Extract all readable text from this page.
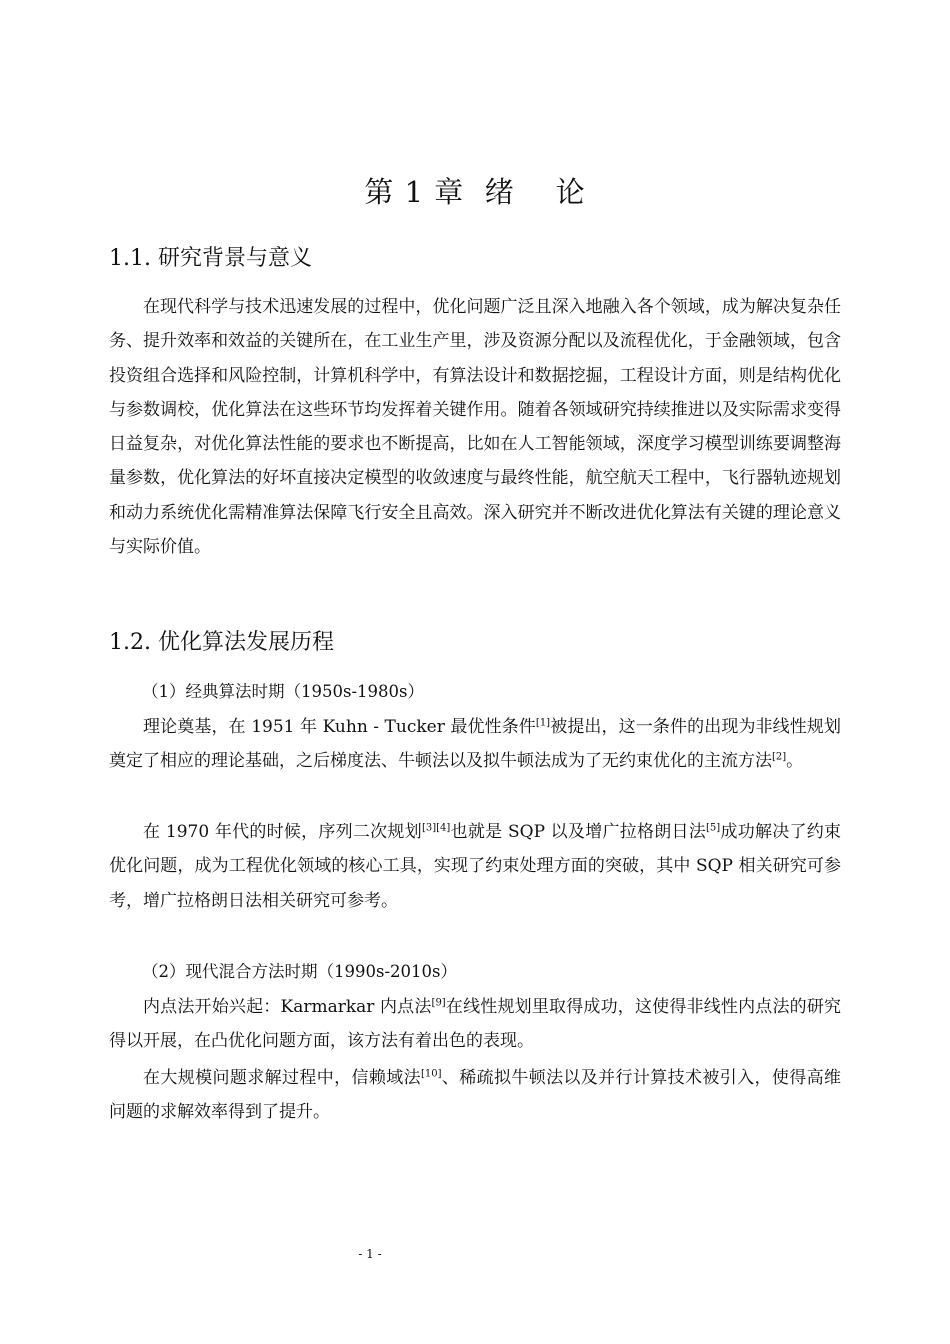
第 1 章  绪    论
1.1. 研究背景与意义

在现代科学与技术迅速发展的过程中，优化问题广泛且深入地融入各个领域，成为解决复杂任务、提升效率和效益的关键所在，在工业生产里，涉及资源分配以及流程优化，于金融领域，包含投资组合选择和风险控制，计算机科学中，有算法设计和数据挖掘，工程设计方面，则是结构优化与参数调校，优化算法在这些环节均发挥着关键作用。随着各领域研究持续推进以及实际需求变得日益复杂，对优化算法性能的要求也不断提高，比如在人工智能领域，深度学习模型训练要调整海量参数，优化算法的好坏直接决定模型的收敛速度与最终性能，航空航天工程中，飞行器轨迹规划和动力系统优化需精准算法保障飞行安全且高效。深入研究并不断改进优化算法有关键的理论意义与实际价值。

1.2. 优化算法发展历程
（1）经典算法时期（1950s-1980s）

理论奠基，在 1951 年 Kuhn - Tucker 最优性条件[1]被提出，这一条件的出现为非线性规划奠定了相应的理论基础，之后梯度法、牛顿法以及拟牛顿法成为了无约束优化的主流方法[2]。

在 1970 年代的时候，序列二次规划[3][4]也就是 SQP 以及增广拉格朗日法[5]成功解决了约束优化问题，成为工程优化领域的核心工具，实现了约束处理方面的突破，其中 SQP 相关研究可参考，增广拉格朗日法相关研究可参考。

（2）现代混合方法时期（1990s-2010s）

内点法开始兴起：Karmarkar 内点法[9]在线性规划里取得成功，这使得非线性内点法的研究得以开展，在凸优化问题方面，该方法有着出色的表现。

在大规模问题求解过程中，信赖域法[10]、稀疏拟牛顿法以及并行计算技术被引入，使得高维问题的求解效率得到了提升。

- 1 -
